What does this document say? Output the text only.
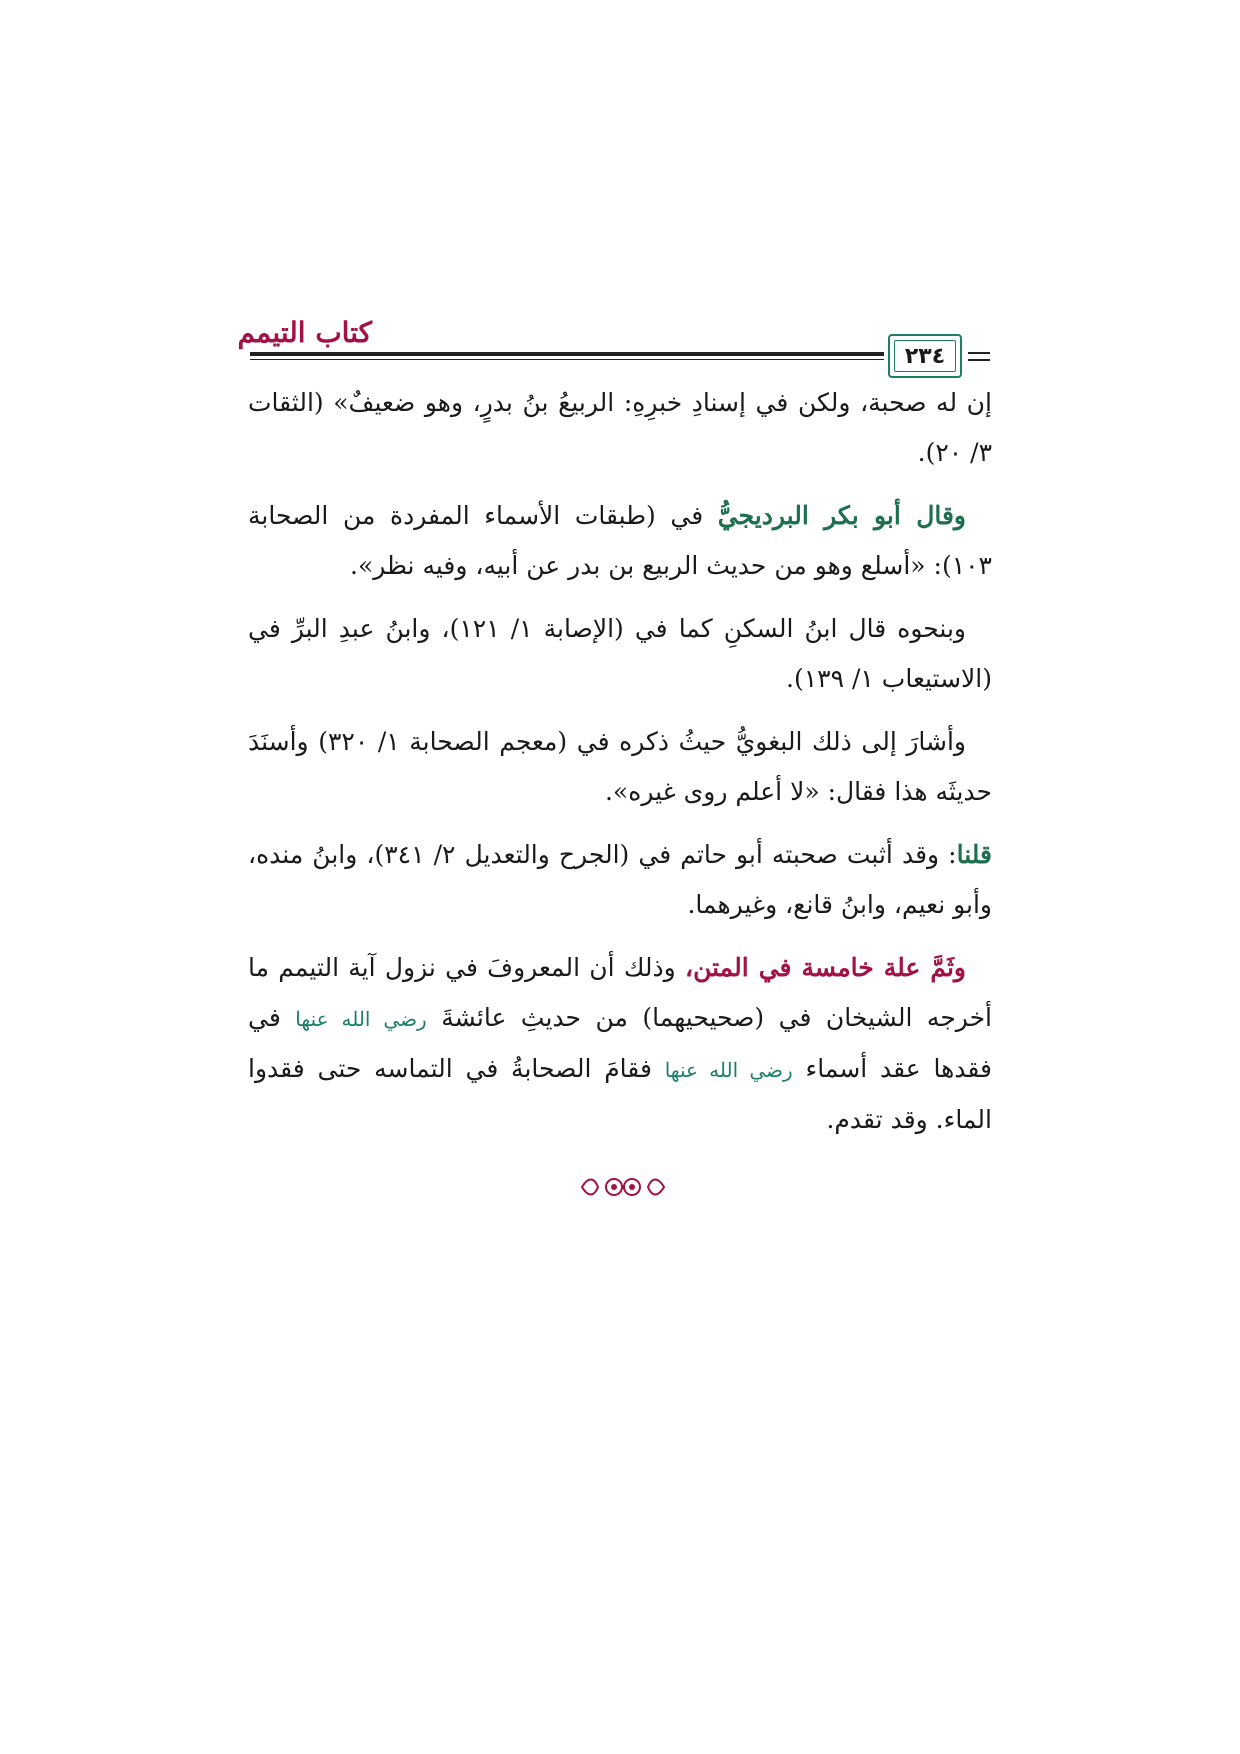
كتاب التيمم
٢٣٤

إن له صحبة، ولكن في إسنادِ خبرِهِ: الربيعُ بنُ بدرٍ، وهو ضعيفٌ» (الثقات ٣/ ٢٠).

وقال أبو بكر البرديجيُّ في (طبقات الأسماء المفردة من الصحابة ١٠٣): «أسلع وهو من حديث الربيع بن بدر عن أبيه، وفيه نظر».

وبنحوه قال ابنُ السكنِ كما في (الإصابة ١/ ١٢١)، وابنُ عبدِ البرِّ في (الاستيعاب ١/ ١٣٩).

وأشارَ إلى ذلك البغويُّ حيثُ ذكره في (معجم الصحابة ١/ ٣٢٠) وأسنَدَ حديثَه هذا فقال: «لا أعلم روى غيره».

قلنا: وقد أثبت صحبته أبو حاتم في (الجرح والتعديل ٢/ ٣٤١)، وابنُ منده، وأبو نعيم، وابنُ قانع، وغيرهما.

وثَمَّ علة خامسة في المتن، وذلك أن المعروفَ في نزول آية التيمم ما أخرجه الشيخان في (صحيحيهما) من حديثِ عائشةَ رضي الله عنها في فقدها عقد أسماء رضي الله عنها فقامَ الصحابةُ في التماسه حتى فقدوا الماء. وقد تقدم.
